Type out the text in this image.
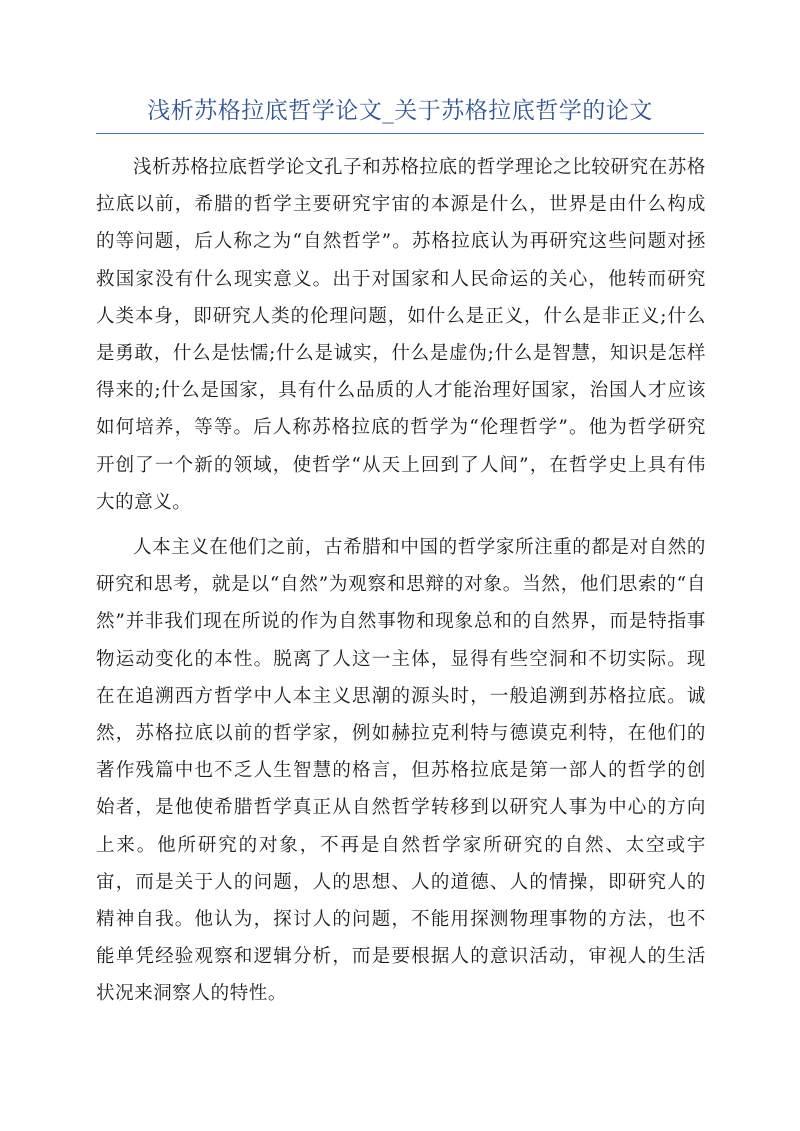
浅析苏格拉底哲学论文_关于苏格拉底哲学的论文

浅析苏格拉底哲学论文孔子和苏格拉底的哲学理论之比较研究在苏格拉底以前，希腊的哲学主要研究宇宙的本源是什么，世界是由什么构成的等问题，后人称之为“自然哲学”。苏格拉底认为再研究这些问题对拯救国家没有什么现实意义。出于对国家和人民命运的关心，他转而研究人类本身，即研究人类的伦理问题，如什么是正义，什么是非正义;什么是勇敢，什么是怯懦;什么是诚实，什么是虚伪;什么是智慧，知识是怎样得来的;什么是国家，具有什么品质的人才能治理好国家，治国人才应该如何培养，等等。后人称苏格拉底的哲学为“伦理哲学”。他为哲学研究开创了一个新的领域，使哲学“从天上回到了人间”，在哲学史上具有伟大的意义。

人本主义在他们之前，古希腊和中国的哲学家所注重的都是对自然的研究和思考，就是以“自然”为观察和思辩的对象。当然，他们思索的“自然”并非我们现在所说的作为自然事物和现象总和的自然界，而是特指事物运动变化的本性。脱离了人这一主体，显得有些空洞和不切实际。现在在追溯西方哲学中人本主义思潮的源头时，一般追溯到苏格拉底。诚然，苏格拉底以前的哲学家，例如赫拉克利特与德谟克利特，在他们的著作残篇中也不乏人生智慧的格言，但苏格拉底是第一部人的哲学的创始者，是他使希腊哲学真正从自然哲学转移到以研究人事为中心的方向上来。他所研究的对象，不再是自然哲学家所研究的自然、太空或宇宙，而是关于人的问题，人的思想、人的道德、人的情操，即研究人的精神自我。他认为，探讨人的问题，不能用探测物理事物的方法，也不能单凭经验观察和逻辑分析，而是要根据人的意识活动，审视人的生活状况来洞察人的特性。
